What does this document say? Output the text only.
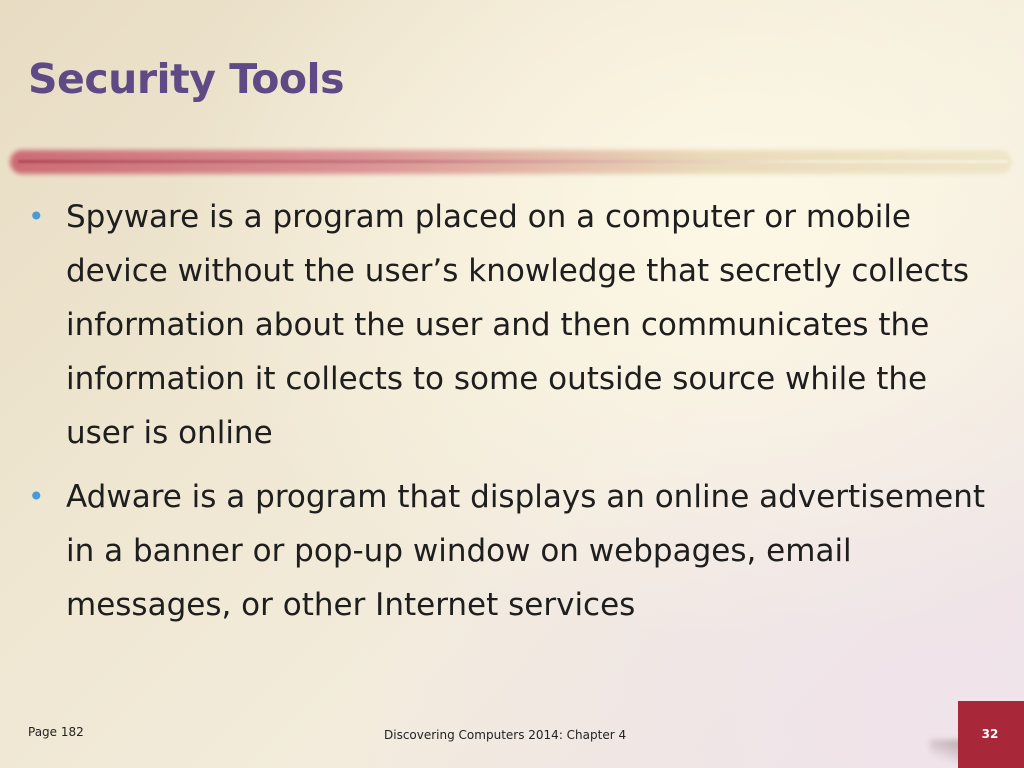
Security Tools
• Spyware is a program placed on a computer or mobile device without the user’s knowledge that secretly collects information about the user and then communicates the information it collects to some outside source while the user is online
• Adware is a program that displays an online advertisement in a banner or pop-up window on webpages, email messages, or other Internet services
Page 182	Discovering Computers 2014: Chapter 4	32
